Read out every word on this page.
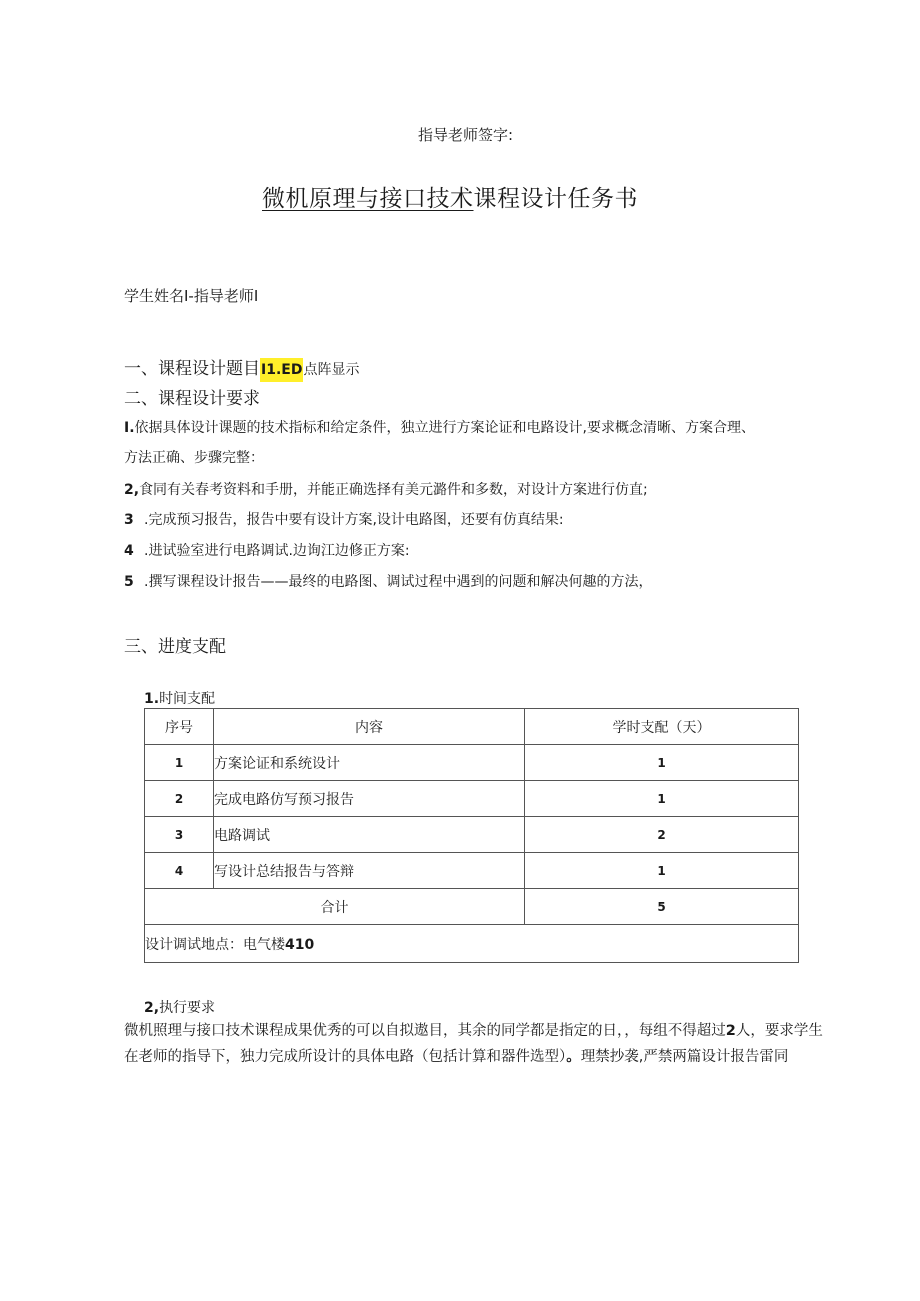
指导老师签字:
微机原理与接口技术课程设计任务书
学生姓名I-指导老师I
一、课程设计题目I1.ED点阵显示
二、课程设计要求
I.依据具体设计课题的技术指标和给定条件，独立进行方案论证和电路设计,要求概念清晰、方案合理、
方法正确、步骤完整：
2,食同有关春考资料和手册，并能正确选择有美元潞件和多数，对设计方案进行仿直;
3 .完成预习报告，报告中要有设计方案,设计电路图，还要有仿真结果:
4 .进试验室进行电路调试.边询江边修正方案:
5 .撰写课程设计报告——最终的电路图、调试过程中遇到的问题和解决何趣的方法，
三、进度支配
1.时间支配
序号	内容	学时支配（天）
1	方案论证和系统设计	1
2	完成电路仿写预习报告	1
3	电路调试	2
4	写设计总结报告与答辩	1
合计		5
设计调试地点：电气楼410		
2,执行要求
微机照理与接口技术课程成果优秀的可以自拟遨目，其余的同学都是指定的日，，每组不得超过2人，要求学生在老师的指导下，独力完成所设计的具体电路（包括计算和器件选型）。理禁抄袭,严禁两篇设计报告雷同
